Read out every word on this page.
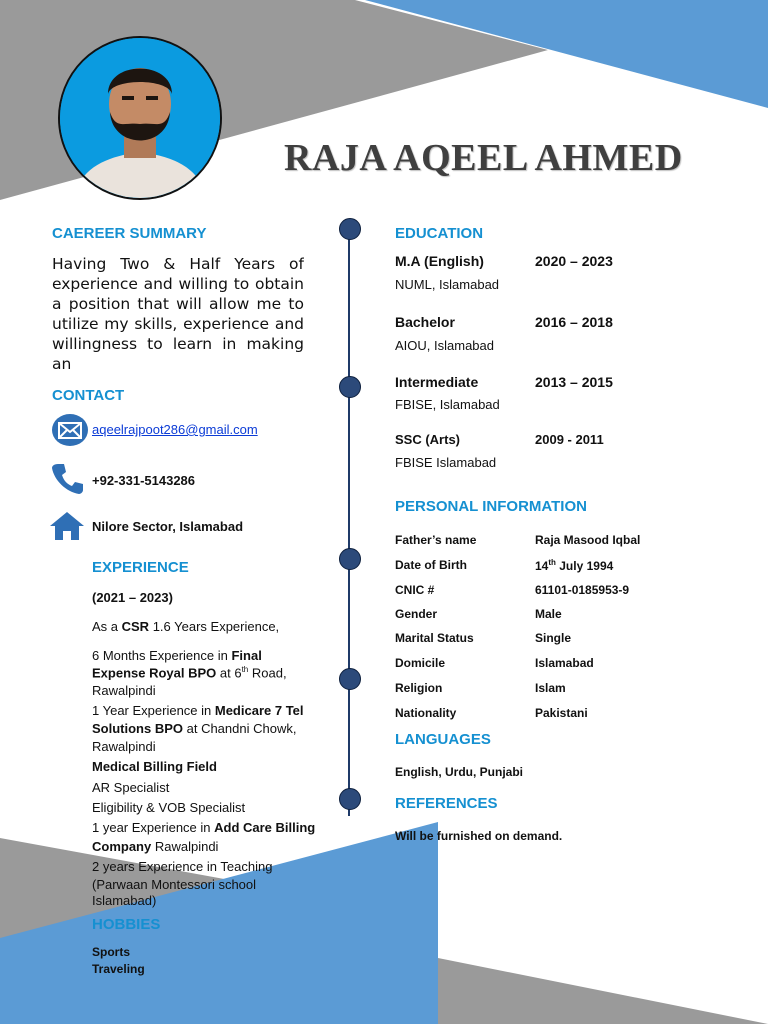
RAJA AQEEL AHMED
CAEREER SUMMARY
Having Two & Half Years of experience and willing to obtain a position that will allow me to utilize my skills, experience and willingness to learn in making an
CONTACT
aqeelrajpoot286@gmail.com
+92-331-5143286
Nilore Sector, Islamabad
EXPERIENCE
(2021 – 2023)
As a CSR 1.6 Years Experience,
6 Months Experience in Final
Expense Royal BPO at 6th Road,
Rawalpindi
1 Year Experience in Medicare 7 Tel
Solutions BPO at Chandni Chowk,
Rawalpindi
Medical Billing Field
AR Specialist
Eligibility & VOB Specialist
1 year Experience in Add Care Billing
Company Rawalpindi
2 years Experience in Teaching
(Parwaan Montessori school
Islamabad)
HOBBIES
Sports
Traveling
EDUCATION
M.A (English)	2020 – 2023
NUML, Islamabad
Bachelor	2016 – 2018
AIOU, Islamabad
Intermediate	2013 – 2015
FBISE, Islamabad
SSC (Arts)	2009 - 2011
FBISE Islamabad
PERSONAL INFORMATION
Father’s name	Raja Masood Iqbal
Date of Birth	14th July 1994
CNIC #	61101-0185953-9
Gender	Male
Marital Status	Single
Domicile	Islamabad
Religion	Islam
Nationality	Pakistani
LANGUAGES
English, Urdu, Punjabi
REFERENCES
Will be furnished on demand.
